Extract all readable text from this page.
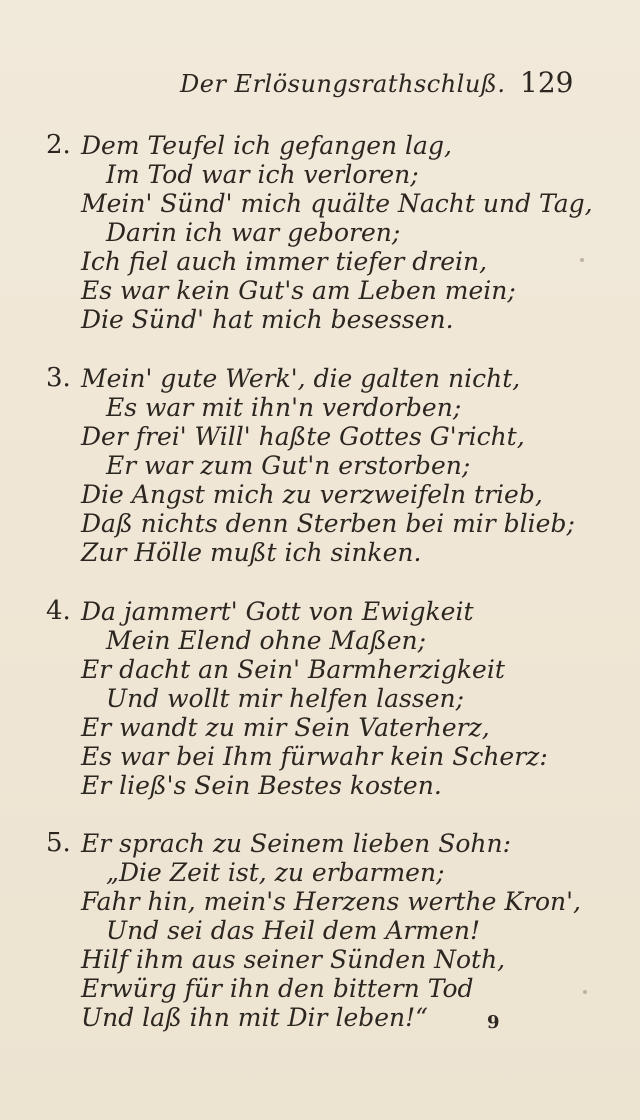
Der Erlösungsrathschluß. 129
2. Dem Teufel ich gefangen lag,
Im Tod war ich verloren;
Mein' Sünd' mich quälte Nacht und Tag,
Darin ich war geboren;
Ich fiel auch immer tiefer drein,
Es war kein Gut's am Leben mein;
Die Sünd' hat mich besessen.
3. Mein' gute Werk', die galten nicht,
Es war mit ihn'n verdorben;
Der frei' Will' haßte Gottes G'richt,
Er war zum Gut'n erstorben;
Die Angst mich zu verzweifeln trieb,
Daß nichts denn Sterben bei mir blieb;
Zur Hölle mußt ich sinken.
4. Da jammert' Gott von Ewigkeit
Mein Elend ohne Maßen;
Er dacht an Sein' Barmherzigkeit
Und wollt mir helfen lassen;
Er wandt zu mir Sein Vaterherz,
Es war bei Ihm fürwahr kein Scherz:
Er ließ's Sein Bestes kosten.
5. Er sprach zu Seinem lieben Sohn:
„Die Zeit ist, zu erbarmen;
Fahr hin, mein's Herzens werthe Kron',
Und sei das Heil dem Armen!
Hilf ihm aus seiner Sünden Noth,
Erwürg für ihn den bittern Tod
Und laß ihn mit Dir leben!“	9
